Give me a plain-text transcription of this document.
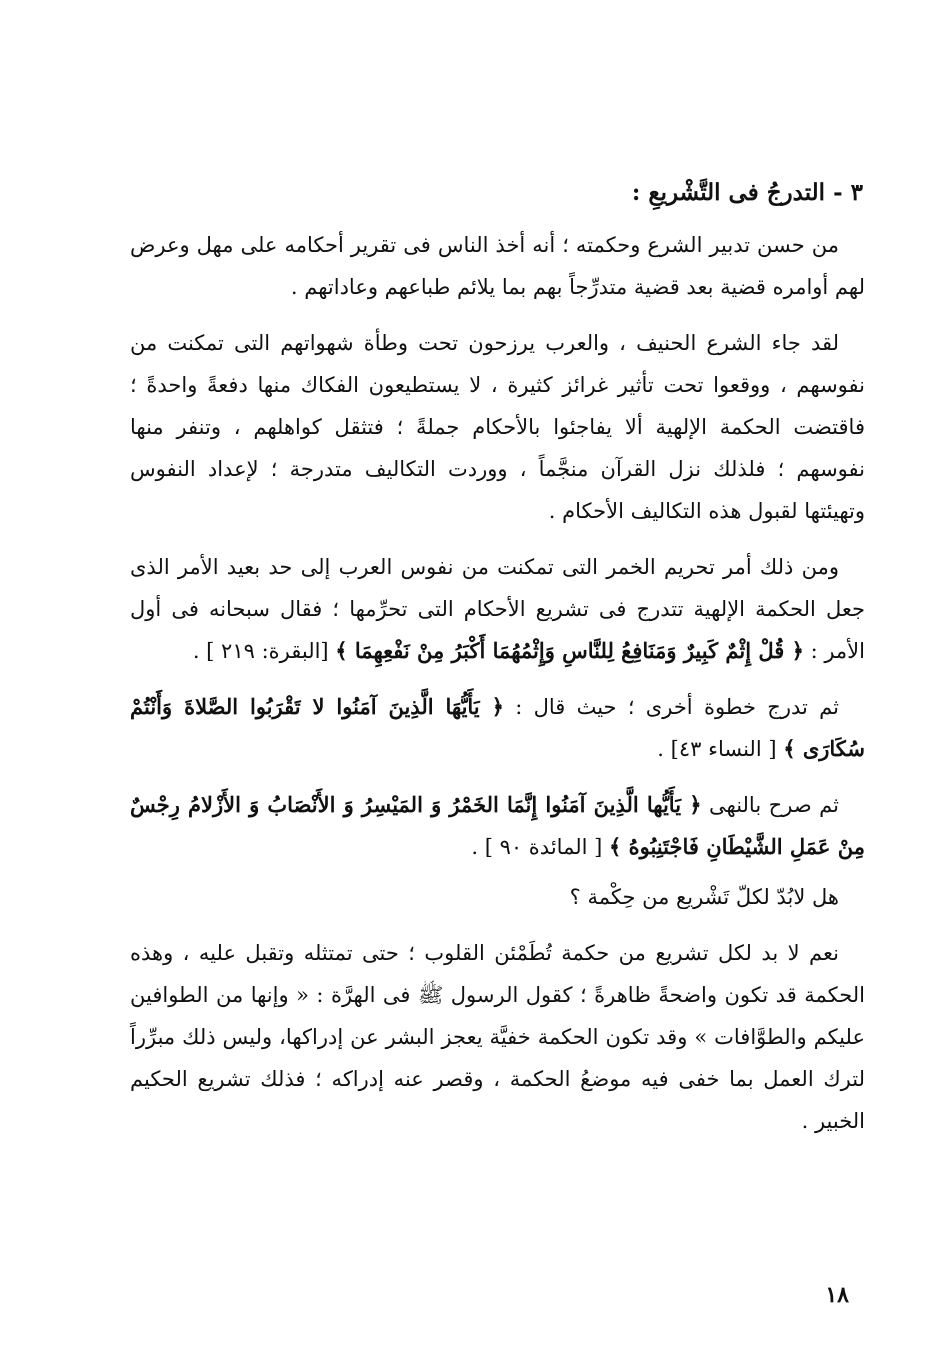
٣ - التدرجُ فى التَّشْريعِ :

من حسن تدبير الشرع وحكمته ؛ أنه أخذ الناس فى تقرير أحكامه على مهل وعرض لهم أوامره قضية بعد قضية متدرِّجاً بهم بما يلائم طباعهم وعاداتهم .

لقد جاء الشرع الحنيف ، والعرب يرزحون تحت وطأة شهواتهم التى تمكنت من نفوسهم ، ووقعوا تحت تأثير غرائز كثيرة ، لا يستطيعون الفكاك منها دفعةً واحدةً ؛ فاقتضت الحكمة الإلهية ألا يفاجئوا بالأحكام جملةً ؛ فتثقل كواهلهم ، وتنفر منها نفوسهم ؛ فلذلك نزل القرآن منجَّماً ، ووردت التكاليف متدرجة ؛ لإعداد النفوس وتهيئتها لقبول هذه التكاليف الأحكام .

ومن ذلك أمر تحريم الخمر التى تمكنت من نفوس العرب إلى حد بعيد الأمر الذى جعل الحكمة الإلهية تتدرج فى تشريع الأحكام التى تحرِّمها ؛ فقال سبحانه فى أول الأمر : ﴿ قُلْ إِثْمٌ كَبِيرٌ وَمَنَافِعُ لِلنَّاسِ وَإِثْمُهُمَا أَكْبَرُ مِنْ نَفْعِهِمَا ﴾ [البقرة: ٢١٩ ] .

ثم تدرج خطوة أخرى ؛ حيث قال : ﴿ يَأَيُّهَا الَّذِينَ آمَنُوا لا تَقْرَبُوا الصَّلاةَ وَأَنْتُمْ سُكَارَى ﴾ [ النساء ٤٣] .

ثم صرح بالنهى ﴿ يَأَيُّها الَّذِينَ آمَنُوا إِنَّمَا الخَمْرُ وَ المَيْسِرُ وَ الأَنْصَابُ وَ الأَزْلامُ رِجْسٌ مِنْ عَمَلِ الشَّيْطَانِ فَاجْتَنِبُوهُ ﴾ [ المائدة ٩٠ ] .

هل لابُدّ لكلّ تَشْريع من حِكْمة ؟

نعم لا بد لكل تشريع من حكمة تُطَمْئن القلوب ؛ حتى تمتثله وتقبل عليه ، وهذه الحكمة قد تكون واضحةً ظاهرةً ؛ كقول الرسول ﷺ فى الهرَّة : « وإنها من الطوافين عليكم والطوَّافات » وقد تكون الحكمة خفيَّة يعجز البشر عن إدراكها، وليس ذلك مبرِّراً لترك العمل بما خفى فيه موضعُ الحكمة ، وقصر عنه إدراكه ؛ فذلك تشريع الحكيم الخبير .

١٨
